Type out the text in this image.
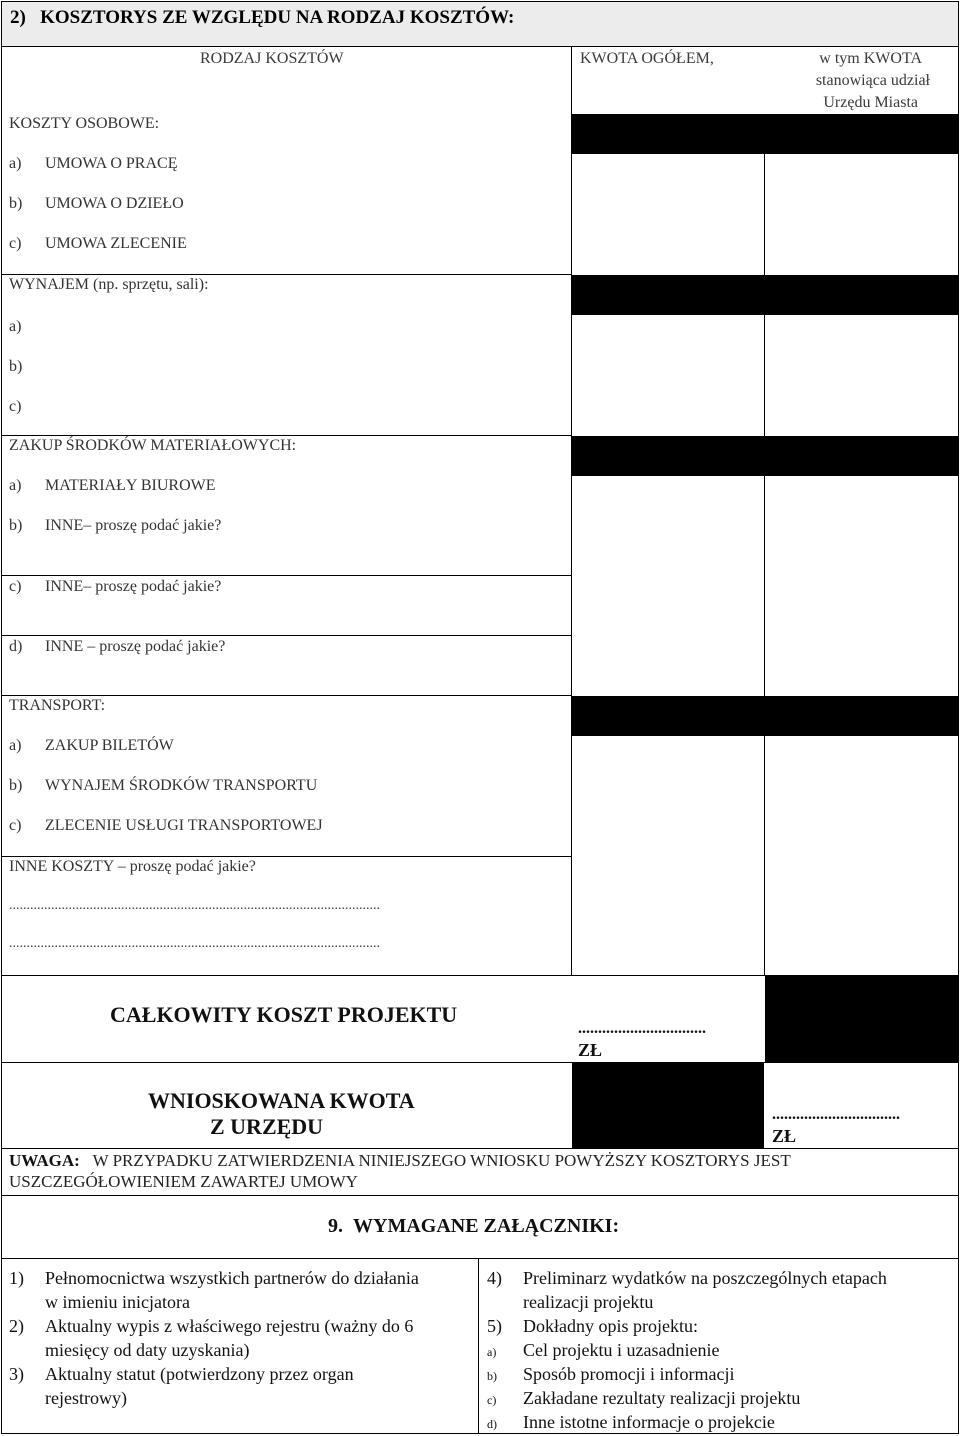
2)   KOSZTORYS ZE WZGLĘDU NA RODZAJ KOSZTÓW:
RODZAJ KOSZTÓW	KWOTA OGÓŁEM,	w tym KWOTA
stanowiąca udział
Urzędu Miasta
KOSZTY OSOBOWE:
a) UMOWA O PRACĘ
b) UMOWA O DZIEŁO
c) UMOWA ZLECENIE
WYNAJEM (np. sprzętu, sali):
a)
b)
c)
ZAKUP ŚRODKÓW MATERIAŁOWYCH:
a) MATERIAŁY BIUROWE
b) INNE– proszę podać jakie?
c) INNE– proszę podać jakie?
d) INNE – proszę podać jakie?
TRANSPORT:
a) ZAKUP BILETÓW
b) WYNAJEM ŚRODKÓW TRANSPORTU
c) ZLECENIE USŁUGI TRANSPORTOWEJ
INNE KOSZTY – proszę podać jakie?
..........................................................................................................
..........................................................................................................
CAŁKOWITY KOSZT PROJEKTU
................................
ZŁ
WNIOSKOWANA KWOTA
Z URZĘDU	................................
ZŁ
UWAGA: W PRZYPADKU ZATWIERDZENIA NINIEJSZEGO WNIOSKU POWYŻSZY KOSZTORYS JEST
USZCZEGÓŁOWIENIEM ZAWARTEJ UMOWY
9.  WYMAGANE ZAŁĄCZNIKI:
1) Pełnomocnictwa wszystkich partnerów do działania
w imieniu inicjatora
2) Aktualny wypis z właściwego rejestru (ważny do 6
miesięcy od daty uzyskania)
3) Aktualny statut (potwierdzony przez organ
rejestrowy)
4) Preliminarz wydatków na poszczególnych etapach
realizacji projektu
5) Dokładny opis projektu:
a) Cel projektu i uzasadnienie
b) Sposób promocji i informacji
c) Zakładane rezultaty realizacji projektu
d) Inne istotne informacje o projekcie
